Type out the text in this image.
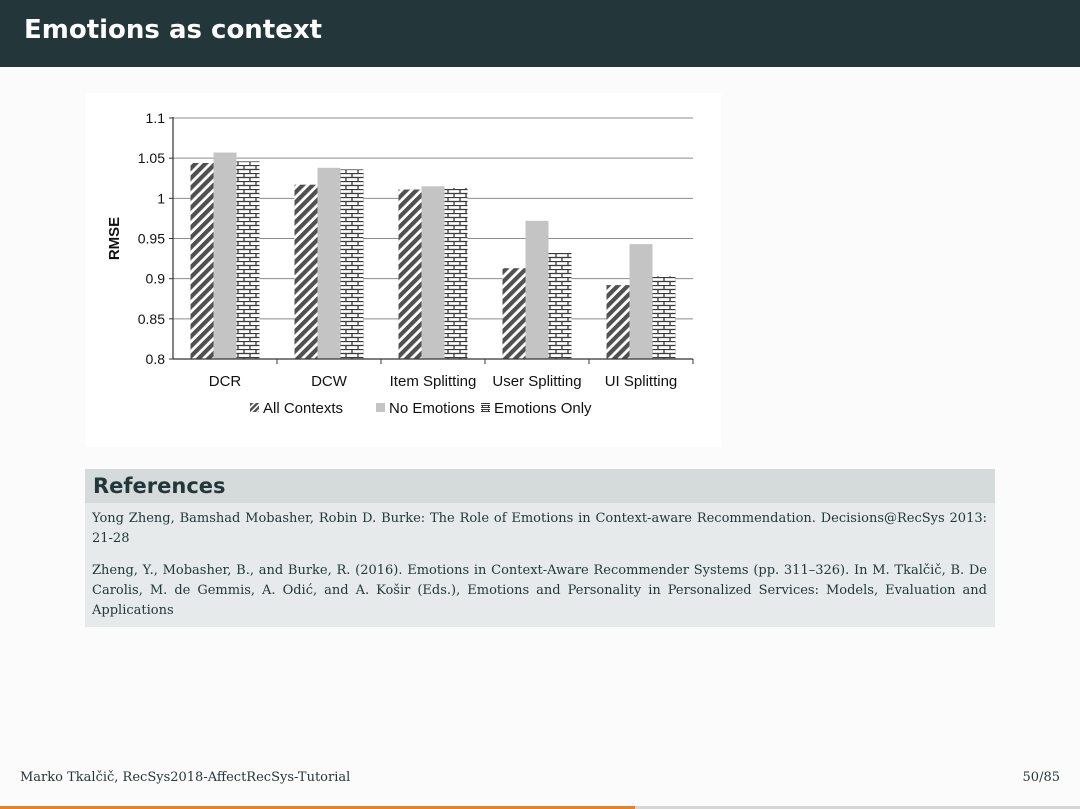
Emotions as context
0.8
0.85
0.9
0.95
1
1.05
1.1
DCR	DCW	Item Splitting User Splitting UI Splitting
RMSE
All Contexts	No Emotions Emotions Only
References

Yong Zheng, Bamshad Mobasher, Robin D. Burke: The Role of Emotions in Context-aware Recommendation. Decisions@RecSys 2013: 21-28

Zheng, Y., Mobasher, B., and Burke, R. (2016). Emotions in Context-Aware Recommender Systems (pp. 311–326). In M. Tkalčič, B. De Carolis, M. de Gemmis, A. Odić, and A. Košir (Eds.), Emotions and Personality in Personalized Services: Models, Evaluation and Applications

Marko Tkalčič, RecSys2018-AffectRecSys-Tutorial	50/85
